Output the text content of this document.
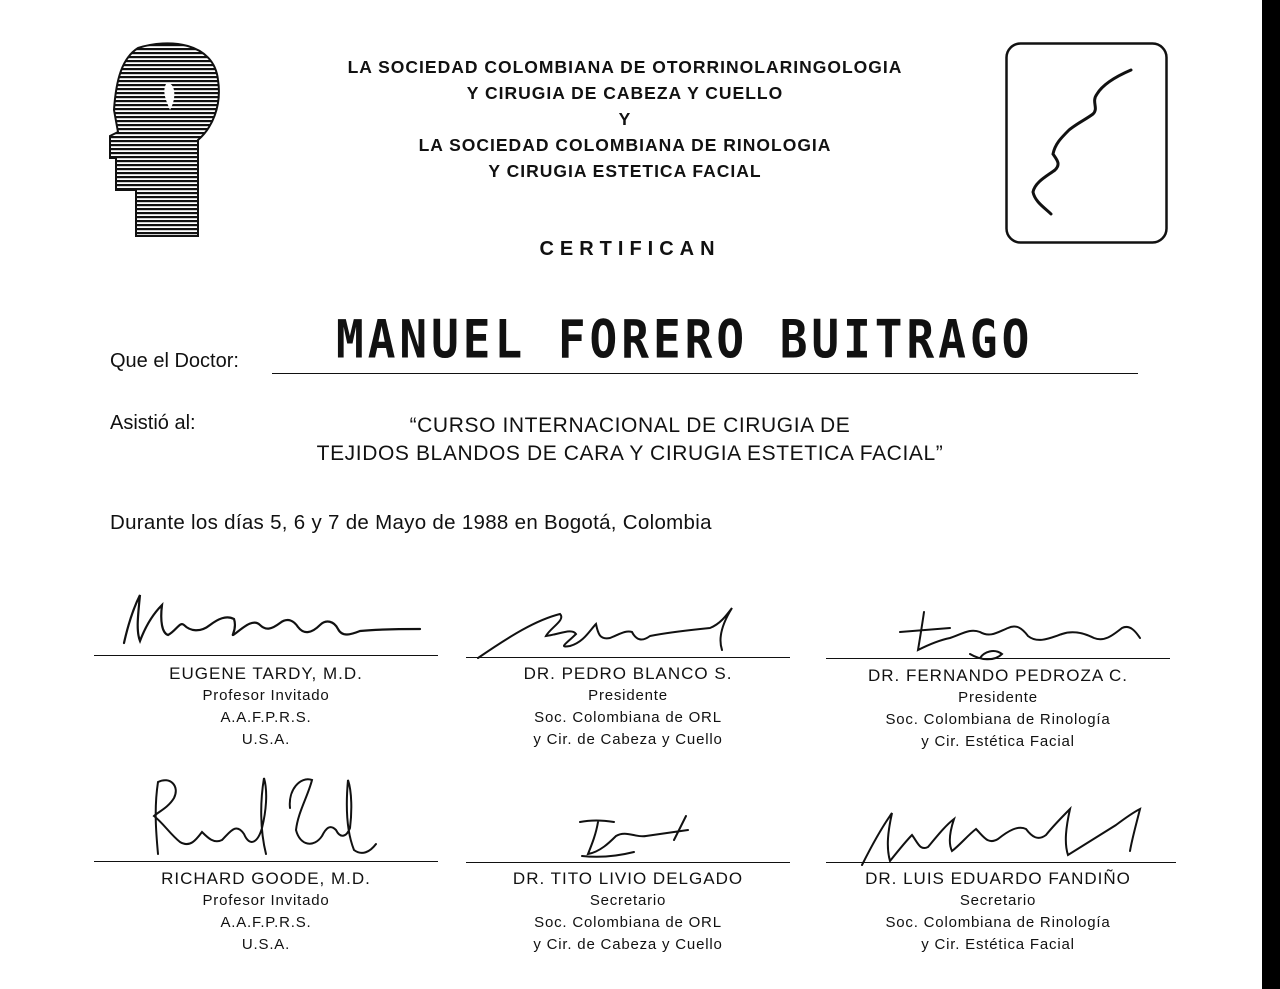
LA SOCIEDAD COLOMBIANA DE OTORRINOLARINGOLOGIA
Y CIRUGIA DE CABEZA Y CUELLO
Y
LA SOCIEDAD COLOMBIANA DE RINOLOGIA
Y CIRUGIA ESTETICA FACIAL
CERTIFICAN
Que el Doctor: MANUEL FORERO BUITRAGO
Asistió al:	“CURSO INTERNACIONAL DE CIRUGIA DE
TEJIDOS BLANDOS DE CARA Y CIRUGIA ESTETICA FACIAL”
Durante los días 5, 6 y 7 de Mayo de 1988 en Bogotá, Colombia
EUGENE TARDY, M.D.
Profesor Invitado
A.A.F.P.R.S.
U.S.A.
DR. PEDRO BLANCO S.
Presidente
Soc. Colombiana de ORL
y Cir. de Cabeza y Cuello
DR. FERNANDO PEDROZA C.
Presidente
Soc. Colombiana de Rinología
y Cir. Estética Facial
RICHARD GOODE, M.D.
Profesor Invitado
A.A.F.P.R.S.
U.S.A.
DR. TITO LIVIO DELGADO
Secretario
Soc. Colombiana de ORL
y Cir. de Cabeza y Cuello
DR. LUIS EDUARDO FANDIÑO
Secretario
Soc. Colombiana de Rinología
y Cir. Estética Facial
